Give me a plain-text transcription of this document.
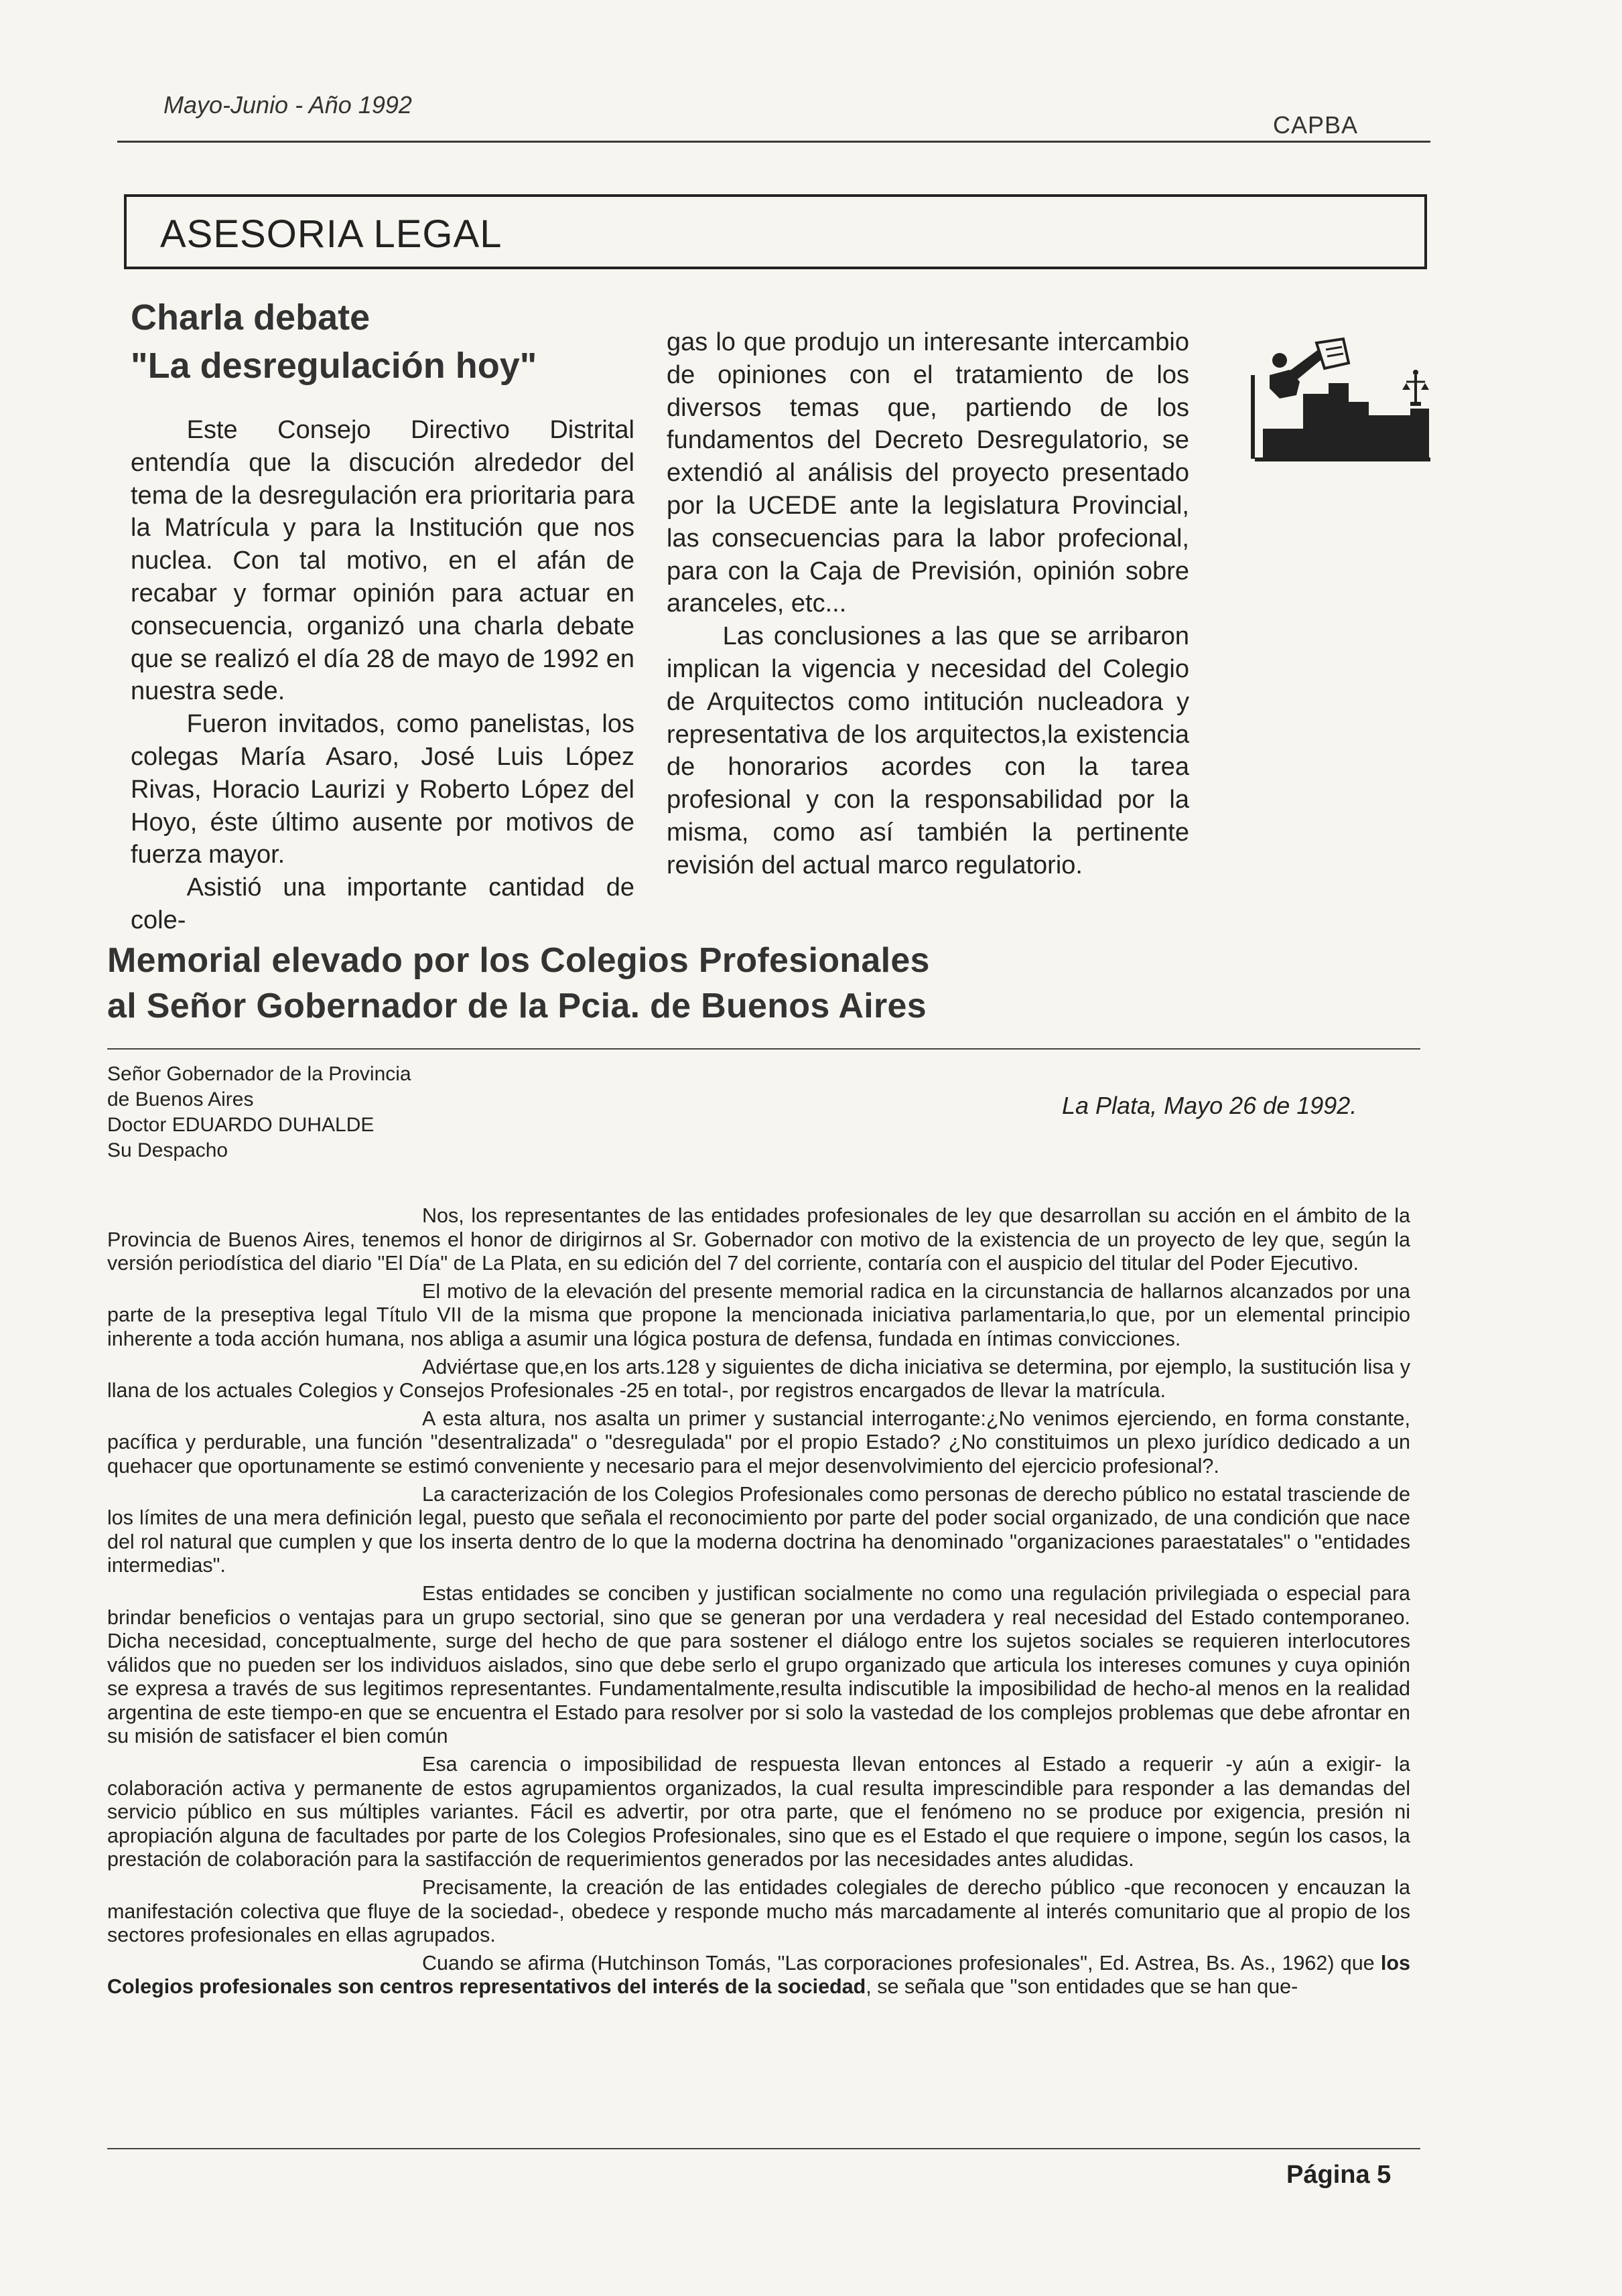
Mayo-Junio - Año 1992
CAPBA
ASESORIA LEGAL
Charla debate
"La desregulación hoy"

Este Consejo Directivo Distrital entendía que la discución alrededor del tema de la desregulación era prioritaria para la Matrícula y para la Institución que nos nuclea. Con tal motivo, en el afán de recabar y formar opinión para actuar en consecuencia, organizó una charla debate que se realizó el día 28 de mayo de 1992 en nuestra sede.

Fueron invitados, como panelistas, los colegas María Asaro, José Luis López Rivas, Horacio Laurizi y Roberto López del Hoyo, éste último ausente por motivos de fuerza mayor.

Asistió una importante cantidad de cole-

gas lo que produjo un interesante intercambio de opiniones con el tratamiento de los diversos temas que, partiendo de los fundamentos del Decreto Desregulatorio, se extendió al análisis del proyecto presentado por la UCEDE ante la legislatura Provincial, las consecuencias para la labor profecional, para con la Caja de Previsión, opinión sobre aranceles, etc...

Las conclusiones a las que se arribaron implican la vigencia y necesidad del Colegio de Arquitectos como intitución nucleadora y representativa de los arquitectos,la existencia de honorarios acordes con la tarea profesional y con la responsabilidad por la misma, como así también la pertinente revisión del actual marco regulatorio.

Memorial elevado por los Colegios Profesionales
al Señor Gobernador de la Pcia. de Buenos Aires
Señor Gobernador de la Provincia
de Buenos Aires
Doctor EDUARDO DUHALDE
Su Despacho
La Plata, Mayo 26 de 1992.

Nos, los representantes de las entidades profesionales de ley que desarrollan su acción en el ámbito de la Provincia de Buenos Aires, tenemos el honor de dirigirnos al Sr. Gobernador con motivo de la existencia de un proyecto de ley que, según la versión periodística del diario "El Día" de La Plata, en su edición del 7 del corriente, contaría con el auspicio del titular del Poder Ejecutivo.

El motivo de la elevación del presente memorial radica en la circunstancia de hallarnos alcanzados por una parte de la preseptiva legal Título VII de la misma que propone la mencionada iniciativa parlamentaria,lo que, por un elemental principio inherente a toda acción humana, nos abliga a asumir una lógica postura de defensa, fundada en íntimas convicciones.

Adviértase que,en los arts.128 y siguientes de dicha iniciativa se determina, por ejemplo, la sustitución lisa y llana de los actuales Colegios y Consejos Profesionales -25 en total-, por registros encargados de llevar la matrícula.

A esta altura, nos asalta un primer y sustancial interrogante:¿No venimos ejerciendo, en forma constante, pacífica y perdurable, una función "desentralizada" o "desregulada" por el propio Estado? ¿No constituimos un plexo jurídico dedicado a un quehacer que oportunamente se estimó conveniente y necesario para el mejor desenvolvimiento del ejercicio profesional?.

La caracterización de los Colegios Profesionales como personas de derecho público no estatal trasciende de los límites de una mera definición legal, puesto que señala el reconocimiento por parte del poder social organizado, de una condición que nace del rol natural que cumplen y que los inserta dentro de lo que la moderna doctrina ha denominado "organizaciones paraestatales" o "entidades intermedias".

Estas entidades se conciben y justifican socialmente no como una regulación privilegiada o especial para brindar beneficios o ventajas para un grupo sectorial, sino que se generan por una verdadera y real necesidad del Estado contemporaneo. Dicha necesidad, conceptualmente, surge del hecho de que para sostener el diálogo entre los sujetos sociales se requieren interlocutores válidos que no pueden ser los individuos aislados, sino que debe serlo el grupo organizado que articula los intereses comunes y cuya opinión se expresa a través de sus legitimos representantes. Fundamentalmente,resulta indiscutible la imposibilidad de hecho-al menos en la realidad argentina de este tiempo-en que se encuentra el Estado para resolver por si solo la vastedad de los complejos problemas que debe afrontar en su misión de satisfacer el bien común

Esa carencia o imposibilidad de respuesta llevan entonces al Estado a requerir -y aún a exigir- la colaboración activa y permanente de estos agrupamientos organizados, la cual resulta imprescindible para responder a las demandas del servicio público en sus múltiples variantes. Fácil es advertir, por otra parte, que el fenómeno no se produce por exigencia, presión ni apropiación alguna de facultades por parte de los Colegios Profesionales, sino que es el Estado el que requiere o impone, según los casos, la prestación de colaboración para la sastifacción de requerimientos generados por las necesidades antes aludidas.

Precisamente, la creación de las entidades colegiales de derecho público -que reconocen y encauzan la manifestación colectiva que fluye de la sociedad-, obedece y responde mucho más marcadamente al interés comunitario que al propio de los sectores profesionales en ellas agrupados.

Cuando se afirma (Hutchinson Tomás, "Las corporaciones profesionales", Ed. Astrea, Bs. As., 1962) que los Colegios profesionales son centros representativos del interés de la sociedad, se señala que "son entidades que se han que-

Página 5
